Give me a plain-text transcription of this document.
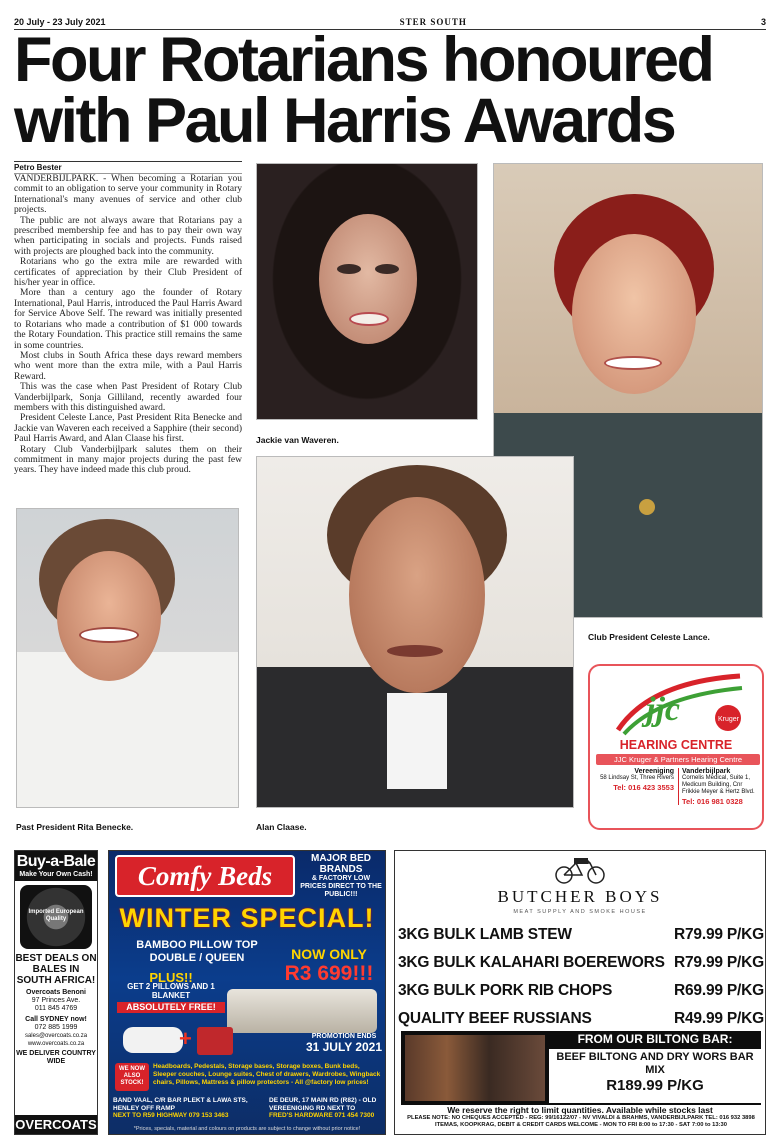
20 July - 23 July 2021	STER SOUTH	3
Four Rotarians honoured
with Paul Harris Awards
Petro Bester

VANDERBIJLPARK. - When becoming a Rotarian you commit to an obligation to serve your community in Rotary International's many avenues of service and other club projects.

The public are not always aware that Rotarians pay a prescribed membership fee and has to pay their own way when participating in socials and projects. Funds raised with projects are ploughed back into the community.

Rotarians who go the extra mile are rewarded with certificates of appreciation by their Club President of his/her year in office.

More than a century ago the founder of Rotary International, Paul Harris, introduced the Paul Harris Award for Service Above Self. The reward was initially presented to Rotarians who made a contribution of $1 000 towards the Rotary Foundation. This practice still remains the same in some countries.

Most clubs in South Africa these days reward members who went more than the extra mile, with a Paul Harris Reward.

This was the case when Past President of Rotary Club Vanderbijlpark, Sonja Gilliland, recently awarded four members with this distinguished award.

President Celeste Lance, Past President Rita Benecke and Jackie van Waveren each received a Sapphire (their second) Paul Harris Award, and Alan Claase his first.

Rotary Club Vanderbijlpark salutes them on their commitment in many major projects during the past few years. They have indeed made this club proud.

Jackie van Waveren.
Club President Celeste Lance.
Past President Rita Benecke.	Alan Claase.
jjc	Kruger
HEARING CENTRE
JJC Kruger & Partners Hearing Centre
Vereeniging
58 Lindsay St, Three Rivers
Tel: 016 423 3553
Vanderbijlpark
Cornelis Medical, Suite 1, Medicum Building, Cnr Frikkie Meyer & Hertz Blvd.
Tel: 016 981 0328
Buy-a-Bale
Make Your Own Cash!
Imported European Quality
BEST DEALS ON BALES IN SOUTH AFRICA!
Overcoats Benoni
97 Princes Ave.
011 845 4769
Call SYDNEY now!
072 885 1999
sales@overcoats.co.za
www.overcoats.co.za
WE DELIVER COUNTRY WIDE
OVERCOATS
Comfy Beds
MAJOR BED BRANDS
& FACTORY LOW PRICES DIRECT TO THE PUBLIC!!!
WINTER SPECIAL!
BAMBOO PILLOW TOP DOUBLE / QUEEN	NOW ONLY
R3 699!!!
PLUS!!
GET 2 PILLOWS AND 1 BLANKET
ABSOLUTELY FREE!
+	PROMOTION ENDS
31 JULY 2021
WE NOW ALSO STOCK!
Headboards, Pedestals, Storage bases, Storage boxes, Bunk beds, Sleeper couches, Lounge suites, Chest of drawers, Wardrobes, Wingback chairs, Pillows, Mattress & pillow protectors - All @factory low prices!
BAND VAAL, C/R BAR PLEKT & LAWA STS, HENLEY OFF RAMP
NEXT TO R59 HIGHWAY 079 153 3463
DE DEUR, 17 MAIN RD (R82) - OLD VEREENIGING RD NEXT TO
FRED'S HARDWARE 071 454 7300
*Prices, specials, material and colours on products are subject to change without prior notice!
BUTCHER BOYS
MEAT SUPPLY AND SMOKE HOUSE
3KG BULK LAMB STEW	R79.99 P/KG
3KG BULK KALAHARI BOEREWORS R79.99 P/KG
3KG BULK PORK RIB CHOPS	R69.99 P/KG
QUALITY BEEF RUSSIANS	R49.99 P/KG
FROM OUR BILTONG BAR:
BEEF BILTONG AND DRY WORS BAR MIX
R189.99 P/KG
We reserve the right to limit quantities. Available while stocks last
PLEASE NOTE: NO CHEQUES ACCEPTED - REG: 99/16122/07 - NV VIVALDI & BRAHMS, VANDERBIJLPARK TEL: 016 932 3898
ITEMAS, KOOPKRAG, DEBIT & CREDIT CARDS WELCOME - MON TO FRI 8:00 to 17:30 - SAT 7:00 to 13:30
